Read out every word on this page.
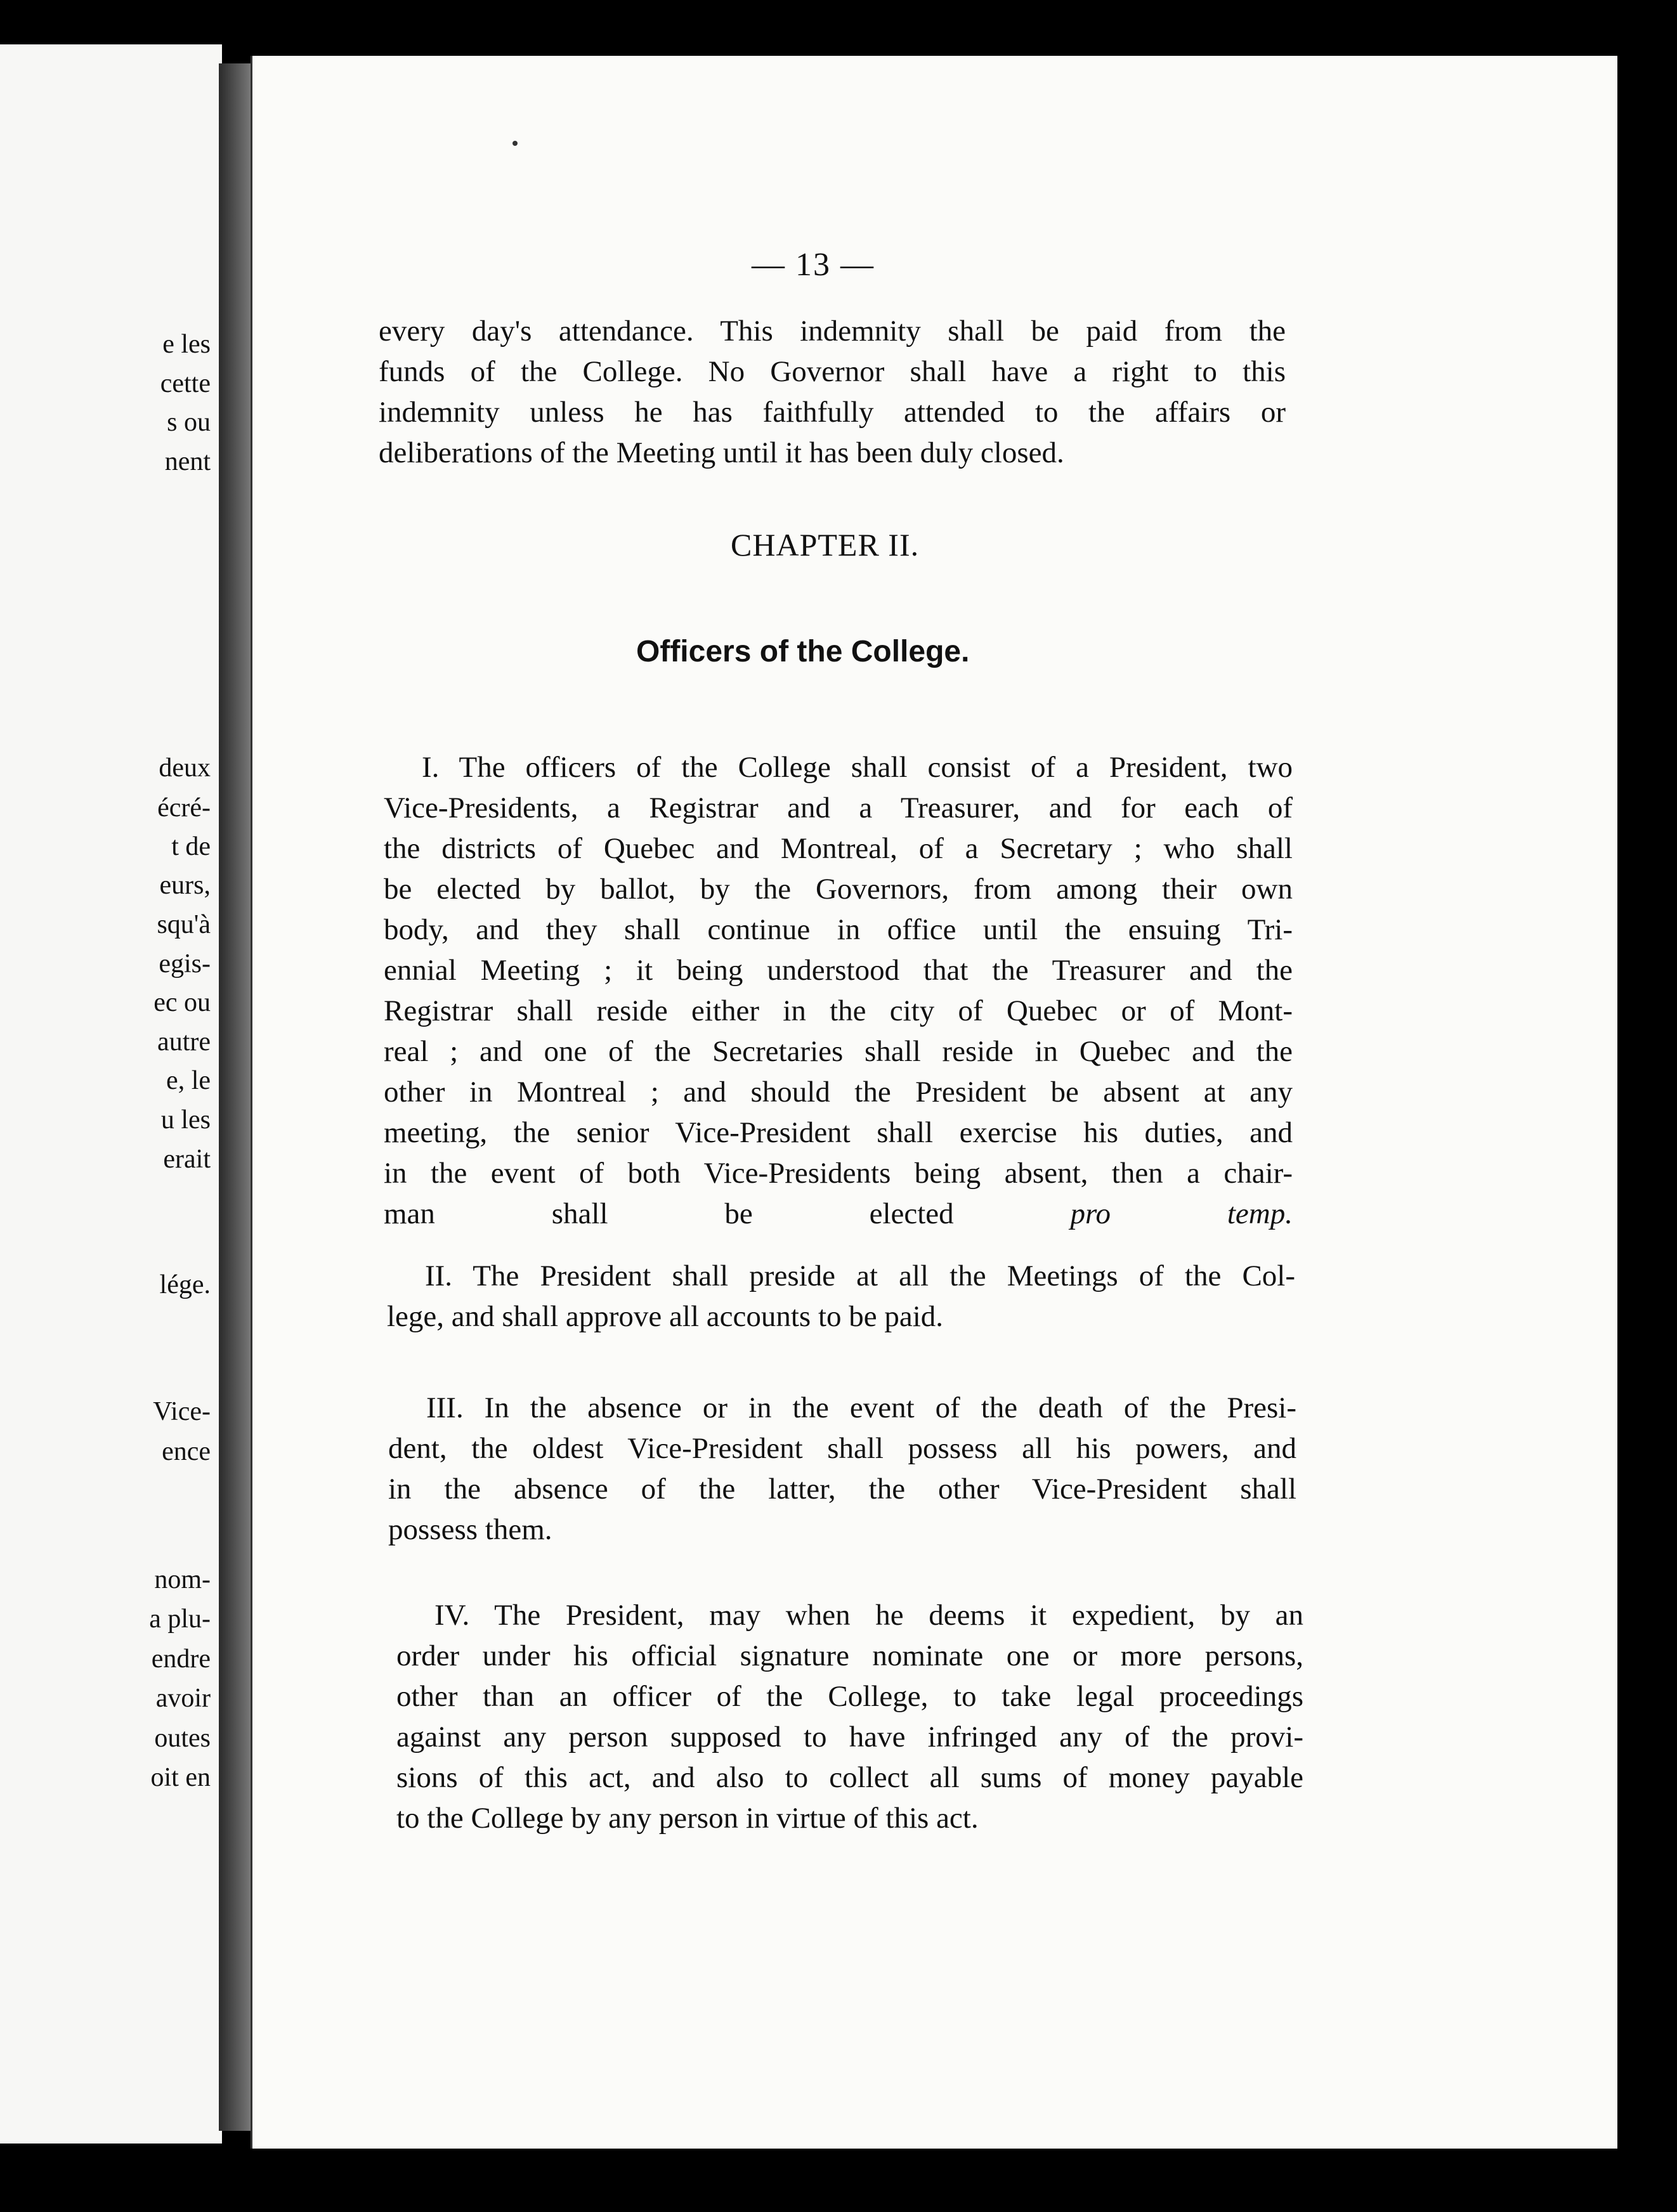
e les
cette
s ou
nent
deux
écré-
t de
eurs,
squ'à
egis-
ec ou
autre
e, le
u les
erait
lége.
Vice-
ence
nom-
a plu-
endre
avoir
outes
oit en
— 13 —
every day's attendance. This indemnity shall be paid from the
funds of the College. No Governor shall have a right to this
indemnity unless he has faithfully attended to the affairs or
deliberations of the Meeting until it has been duly closed.
CHAPTER II.
Officers of the College.
I. The officers of the College shall consist of a President, two
Vice-Presidents, a Registrar and a Treasurer, and for each of
the districts of Quebec and Montreal, of a Secretary ; who shall
be elected by ballot, by the Governors, from among their own
body, and they shall continue in office until the ensuing Tri-
ennial Meeting ; it being understood that the Treasurer and the
Registrar shall reside either in the city of Quebec or of Mont-
real ; and one of the Secretaries shall reside in Quebec and the
other in Montreal ; and should the President be absent at any
meeting, the senior Vice-President shall exercise his duties, and
in the event of both Vice-Presidents being absent, then a chair-
man shall be elected pro temp.
II. The President shall preside at all the Meetings of the Col-
lege, and shall approve all accounts to be paid.
III. In the absence or in the event of the death of the Presi-
dent, the oldest Vice-President shall possess all his powers, and
in the absence of the latter, the other Vice-President shall
possess them.
IV. The President, may when he deems it expedient, by an
order under his official signature nominate one or more persons,
other than an officer of the College, to take legal proceedings
against any person supposed to have infringed any of the provi-
sions of this act, and also to collect all sums of money payable
to the College by any person in virtue of this act.
